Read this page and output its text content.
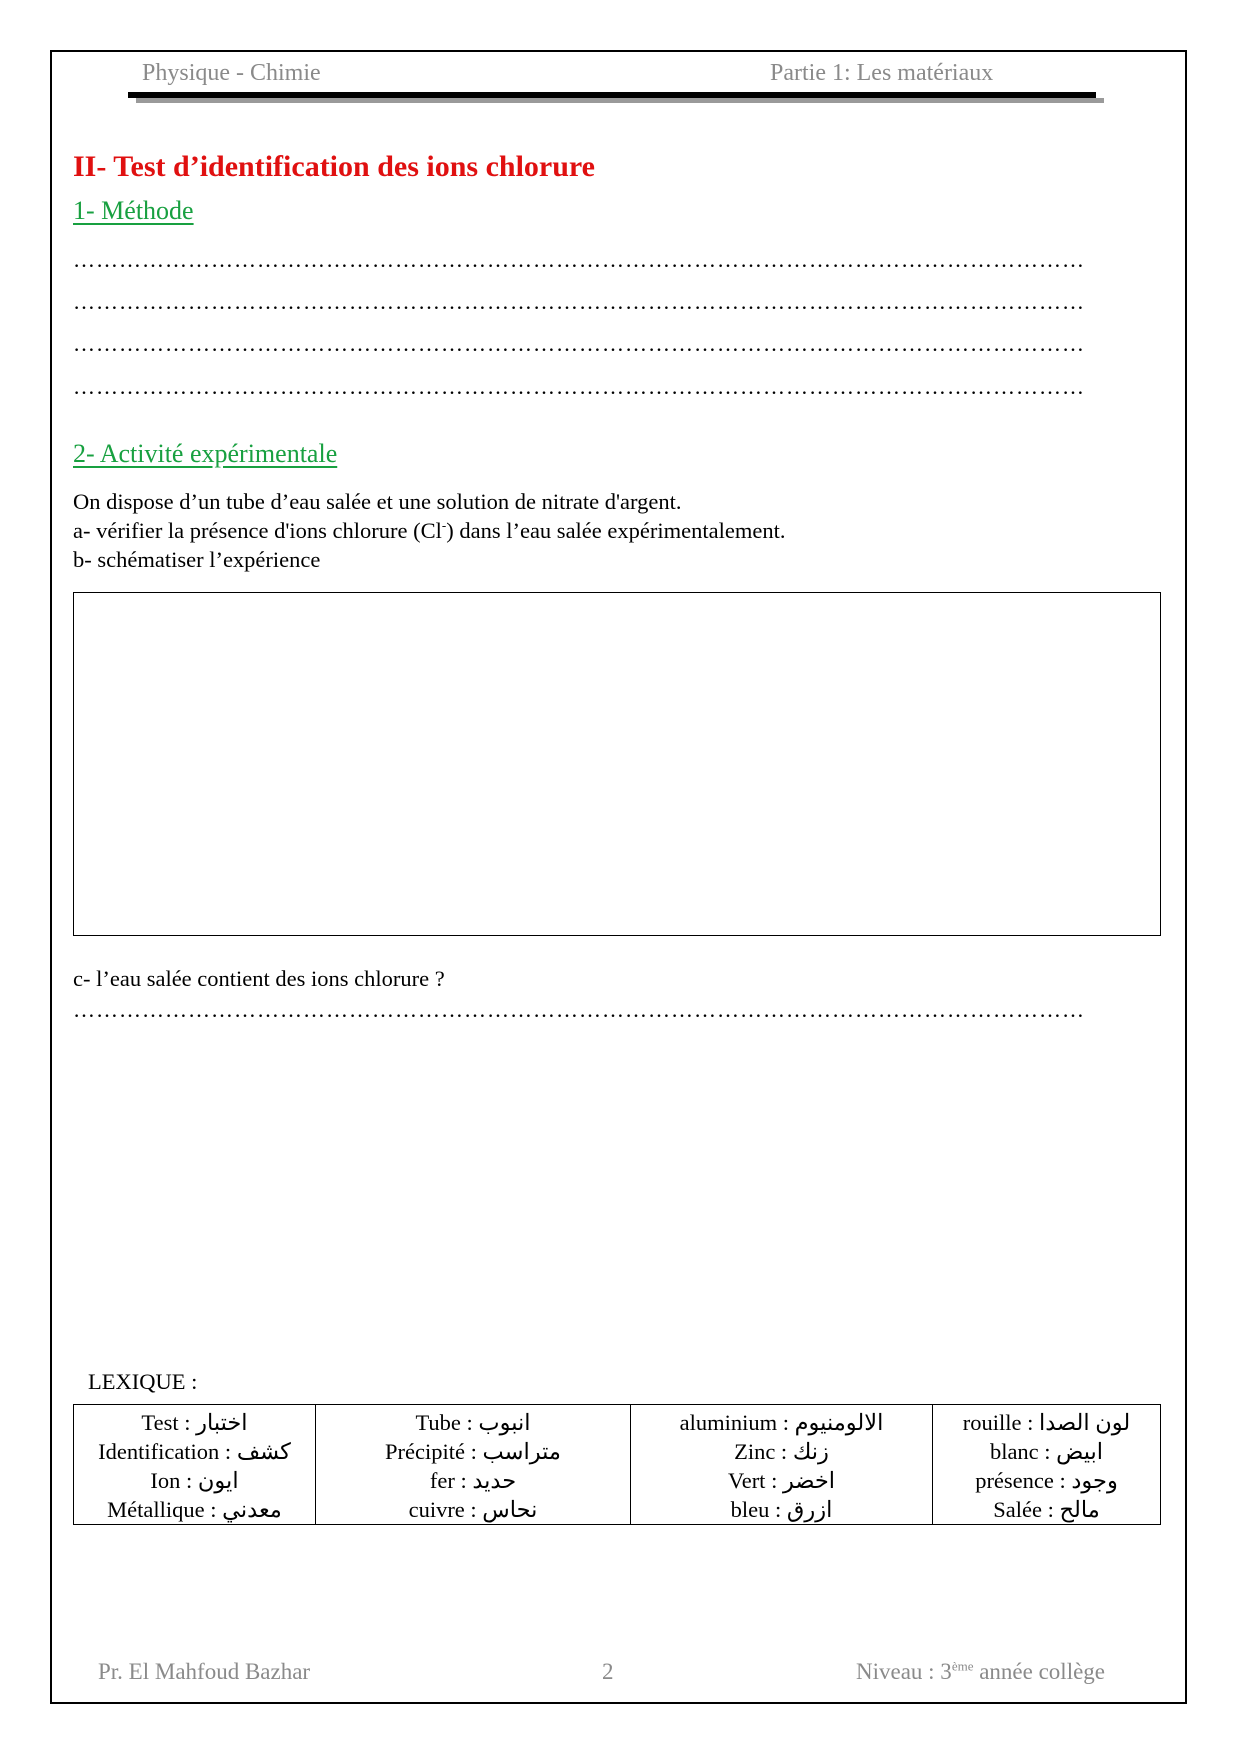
Physique - Chimie	Partie 1: Les matériaux
II- Test d’identification des ions chlorure
1- Méthode
……………………………………………………………………………………………………………………
……………………………………………………………………………………………………………………
……………………………………………………………………………………………………………………
……………………………………………………………………………………………………………………
2- Activité expérimentale
On dispose d’un tube d’eau salée et une solution de nitrate d'argent.
a- vérifier la présence d'ions chlorure (Cl-) dans l’eau salée expérimentalement.
b- schématiser l’expérience
c- l’eau salée contient des ions chlorure ?
……………………………………………………………………………………………………………………
LEXIQUE :
Test : اختبار
Identification : كشف
Ion : ايون
Métallique : معدني

Tube : انبوب
Précipité : متراسب
fer : حديد
cuivre : نحاس

aluminium : الالومنيوم
Zinc : زنك
Vert : اخضر
bleu : ازرق

rouille : لون الصدا
blanc : ابيض
présence : وجود
Salée : مالح
Pr. El Mahfoud Bazhar	2	Niveau : 3ème année collège
